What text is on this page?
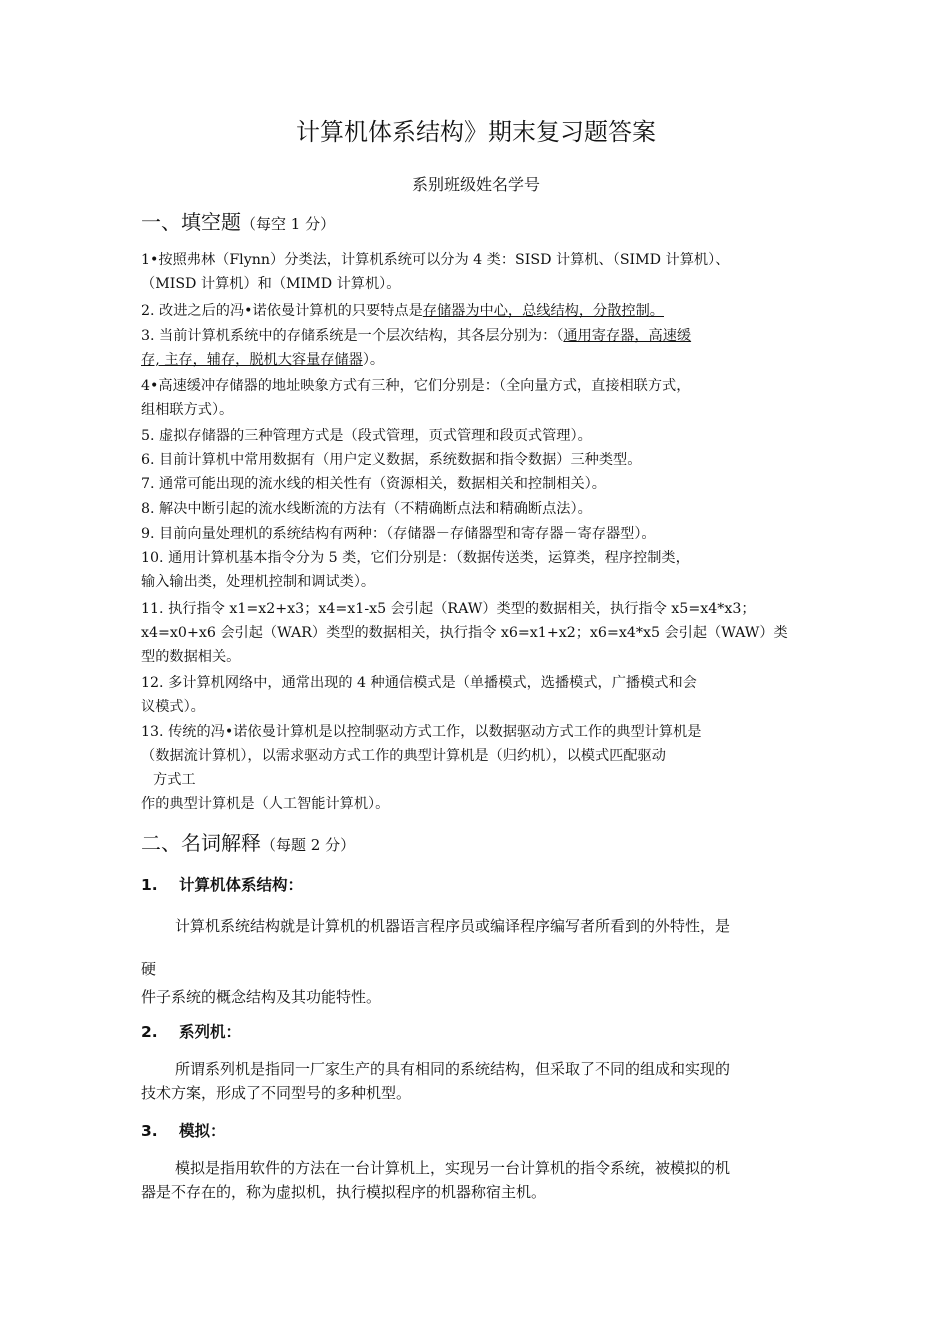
计算机体系结构》期末复习题答案
系别班级姓名学号
一、填空题（每空 1 分）
1•按照弗林（Flynn）分类法，计算机系统可以分为 4 类：SISD 计算机、（SIMD 计算机）、
（MISD 计算机）和（MIMD 计算机）。
2. 改进之后的冯•诺依曼计算机的只要特点是存储器为中心，总线结构，分散控制。
3. 当前计算机系统中的存储系统是一个层次结构，其各层分别为：（通用寄存器，高速缓
存, 主存，辅存，脱机大容量存储器）。
4•高速缓冲存储器的地址映象方式有三种，它们分别是：（全向量方式，直接相联方式，
组相联方式）。
5. 虚拟存储器的三种管理方式是（段式管理，页式管理和段页式管理）。
6. 目前计算机中常用数据有（用户定义数据，系统数据和指令数据）三种类型。
7. 通常可能出现的流水线的相关性有（资源相关，数据相关和控制相关）。
8. 解决中断引起的流水线断流的方法有（不精确断点法和精确断点法）。
9. 目前向量处理机的系统结构有两种：（存储器－存储器型和寄存器－寄存器型）。
10. 通用计算机基本指令分为 5 类，它们分别是：（数据传送类，运算类，程序控制类，
输入输出类，处理机控制和调试类）。
11. 执行指令 x1=x2+x3；x4=x1-x5 会引起（RAW）类型的数据相关，执行指令 x5=x4*x3；
x4=x0+x6 会引起（WAR）类型的数据相关，执行指令 x6=x1+x2；x6=x4*x5 会引起（WAW）类
型的数据相关。
12. 多计算机网络中，通常出现的 4 种通信模式是（单播模式，选播模式，广播模式和会
议模式）。
13. 传统的冯•诺依曼计算机是以控制驱动方式工作，以数据驱动方式工作的典型计算机是
（数据流计算机），以需求驱动方式工作的典型计算机是（归约机），以模式匹配驱动
方式工
作的典型计算机是（人工智能计算机）。
二、名词解释（每题 2 分）
1. 计算机体系结构：
计算机系统结构就是计算机的机器语言程序员或编译程序编写者所看到的外特性，是
硬
件子系统的概念结构及其功能特性。
2. 系列机：
所谓系列机是指同一厂家生产的具有相同的系统结构，但采取了不同的组成和实现的
技术方案，形成了不同型号的多种机型。
3. 模拟：
模拟是指用软件的方法在一台计算机上，实现另一台计算机的指令系统，被模拟的机
器是不存在的，称为虚拟机，执行模拟程序的机器称宿主机。
